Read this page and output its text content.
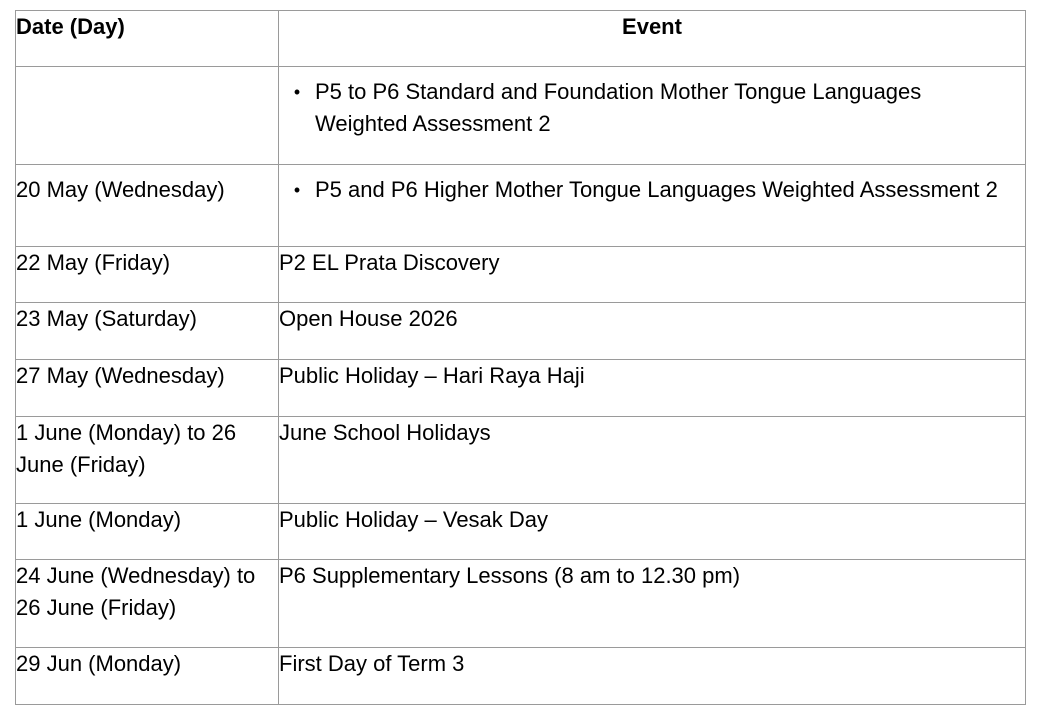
Date (Day)	Event

	• P5 to P6 Standard and Foundation Mother Tongue Languages Weighted Assessment 2

20 May (Wednesday)	• P5 and P6 Higher Mother Tongue Languages Weighted Assessment 2

22 May (Friday)	P2 EL Prata Discovery
23 May (Saturday)	Open House 2026
27 May (Wednesday)	Public Holiday – Hari Raya Haji
1 June (Monday) to 26 June (Friday)	June School Holidays
1 June (Monday)	Public Holiday – Vesak Day
24 June (Wednesday) to 26 June (Friday)	P6 Supplementary Lessons (8 am to 12.30 pm)
29 Jun (Monday)	First Day of Term 3
